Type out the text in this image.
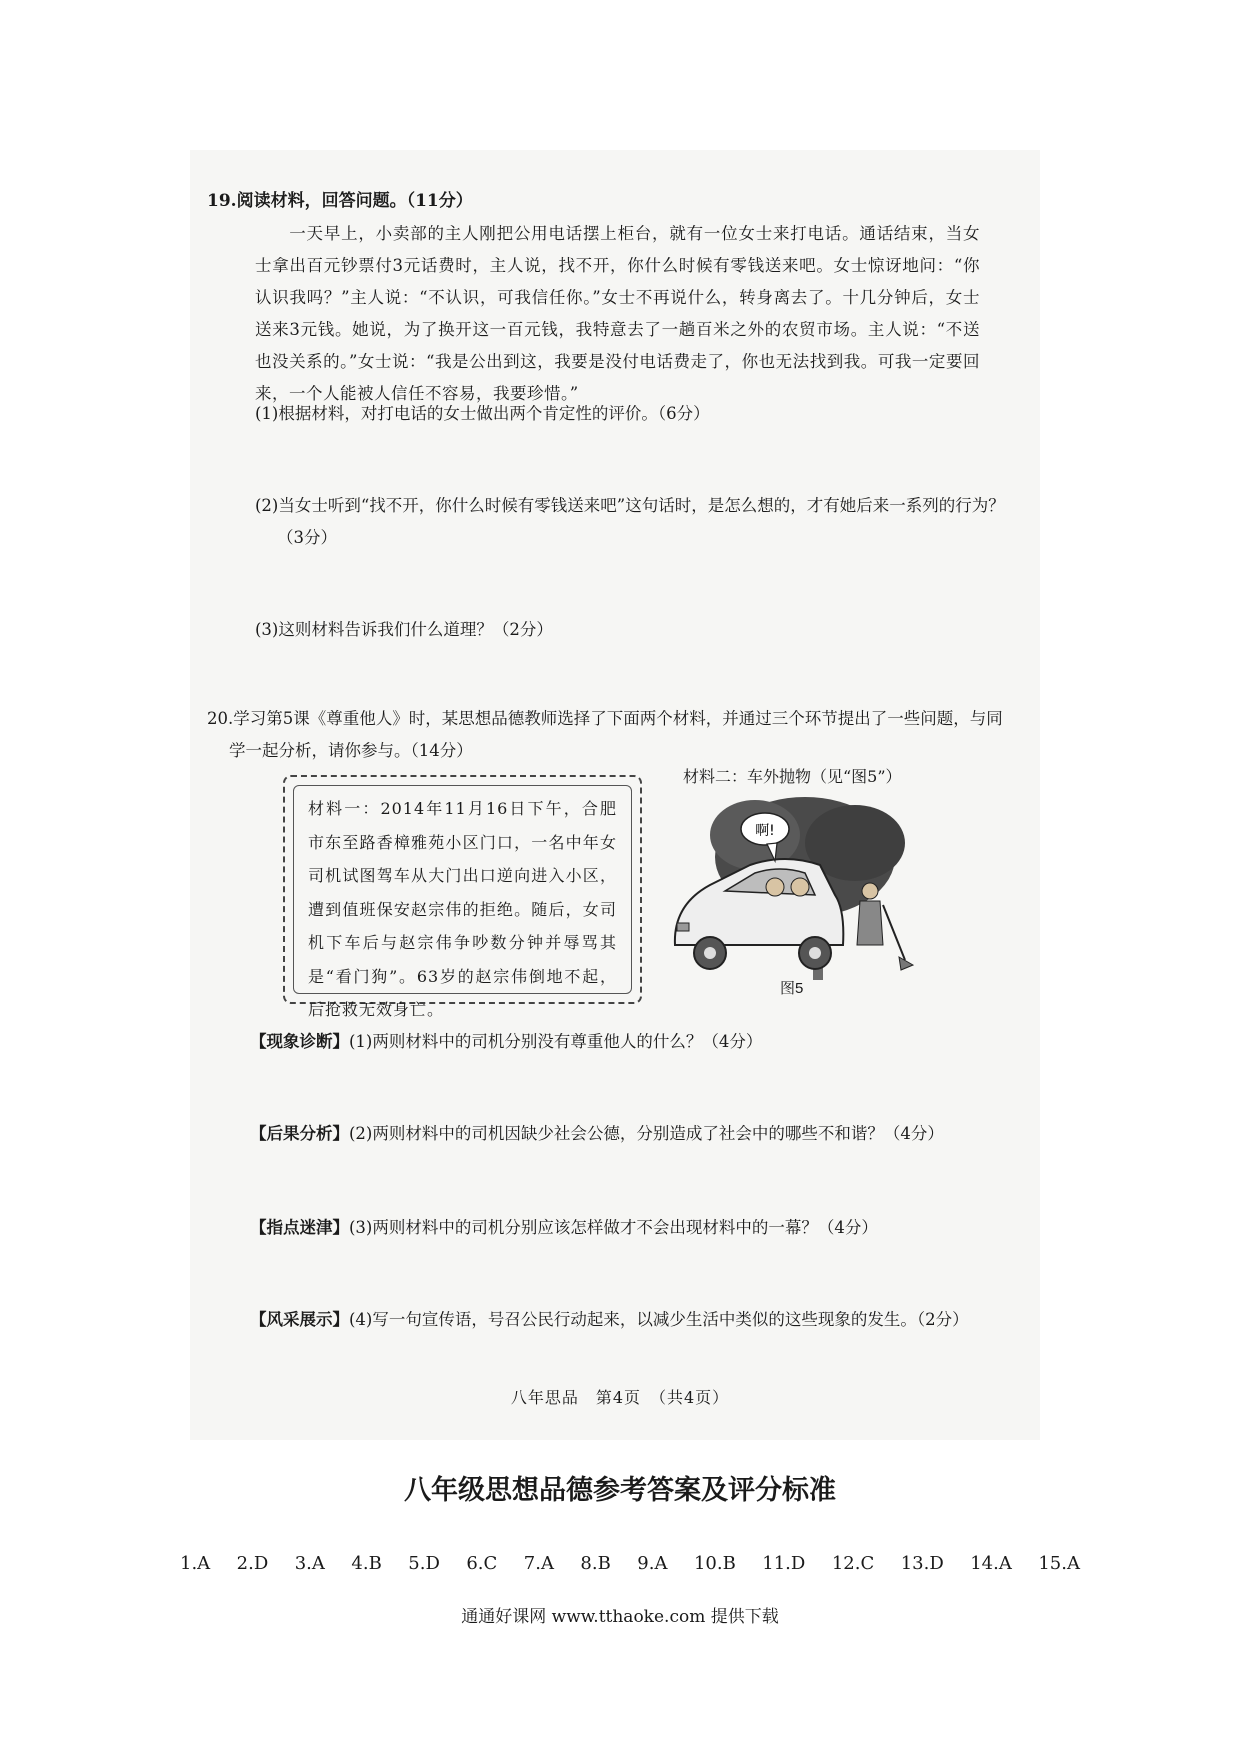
19.阅读材料，回答问题。（11分）
一天早上，小卖部的主人刚把公用电话摆上柜台，就有一位女士来打电话。通话结束，当女士拿出百元钞票付3元话费时，主人说，找不开，你什么时候有零钱送来吧。女士惊讶地问：“你认识我吗？”主人说：“不认识，可我信任你。”女士不再说什么，转身离去了。十几分钟后，女士送来3元钱。她说，为了换开这一百元钱，我特意去了一趟百米之外的农贸市场。主人说：“不送也没关系的。”女士说：“我是公出到这，我要是没付电话费走了，你也无法找到我。可我一定要回来，一个人能被人信任不容易，我要珍惜。”
(1)根据材料，对打电话的女士做出两个肯定性的评价。（6分）
(2)当女士听到“找不开，你什么时候有零钱送来吧”这句话时，是怎么想的，才有她后来一系列的行为？（3分）
(3)这则材料告诉我们什么道理？（2分）
20.学习第5课《尊重他人》时，某思想品德教师选择了下面两个材料，并通过三个环节提出了一些问题，与同学一起分析，请你参与。（14分）
材料一：2014年11月16日下午，合肥市东至路香樟雅苑小区门口，一名中年女司机试图驾车从大门出口逆向进入小区，遭到值班保安赵宗伟的拒绝。随后，女司机下车后与赵宗伟争吵数分钟并辱骂其是“看门狗”。63岁的赵宗伟倒地不起，后抢救无效身亡。
材料二：车外抛物（见“图5”）
啊!
图5
【现象诊断】(1)两则材料中的司机分别没有尊重他人的什么？（4分）
【后果分析】(2)两则材料中的司机因缺少社会公德，分别造成了社会中的哪些不和谐？（4分）
【指点迷津】(3)两则材料中的司机分别应该怎样做才不会出现材料中的一幕？（4分）
【风采展示】(4)写一句宣传语，号召公民行动起来，以减少生活中类似的这些现象的发生。（2分）
八年思品　第4页　（共4页）
八年级思想品德参考答案及评分标准
1.A 2.D 3.A 4.B 5.D 6.C 7.A 8.B 9.A 10.B 11.D 12.C 13.D 14.A 15.A
通通好课网 www.tthaoke.com 提供下载
